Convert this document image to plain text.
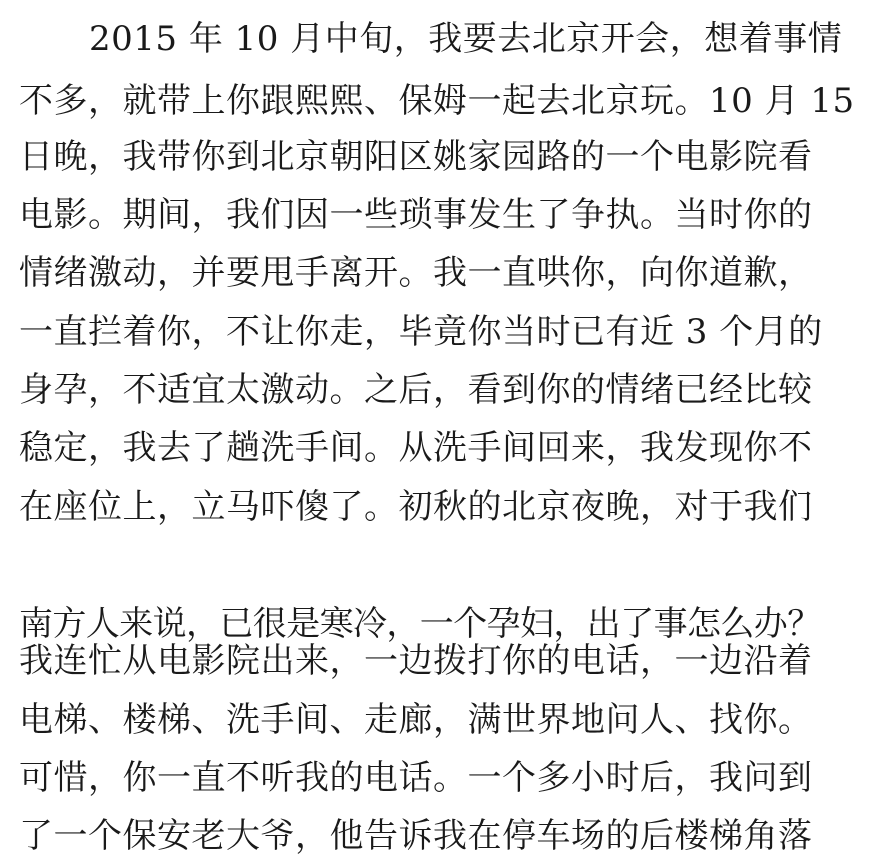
2015 年 10 月中旬，我要去北京开会，想着事情
不多，就带上你跟熙熙、保姆一起去北京玩。10 月 15
日晚，我带你到北京朝阳区姚家园路的一个电影院看
电影。期间，我们因一些琐事发生了争执。当时你的
情绪激动，并要甩手离开。我一直哄你，向你道歉，
一直拦着你，不让你走，毕竟你当时已有近 3 个月的
身孕，不适宜太激动。之后，看到你的情绪已经比较
稳定，我去了趟洗手间。从洗手间回来，我发现你不
在座位上，立马吓傻了。初秋的北京夜晚，对于我们
南方人来说，已很是寒冷，一个孕妇，出了事怎么办？
我连忙从电影院出来，一边拨打你的电话，一边沿着
电梯、楼梯、洗手间、走廊，满世界地问人、找你。
可惜，你一直不听我的电话。一个多小时后，我问到
了一个保安老大爷，他告诉我在停车场的后楼梯角落
